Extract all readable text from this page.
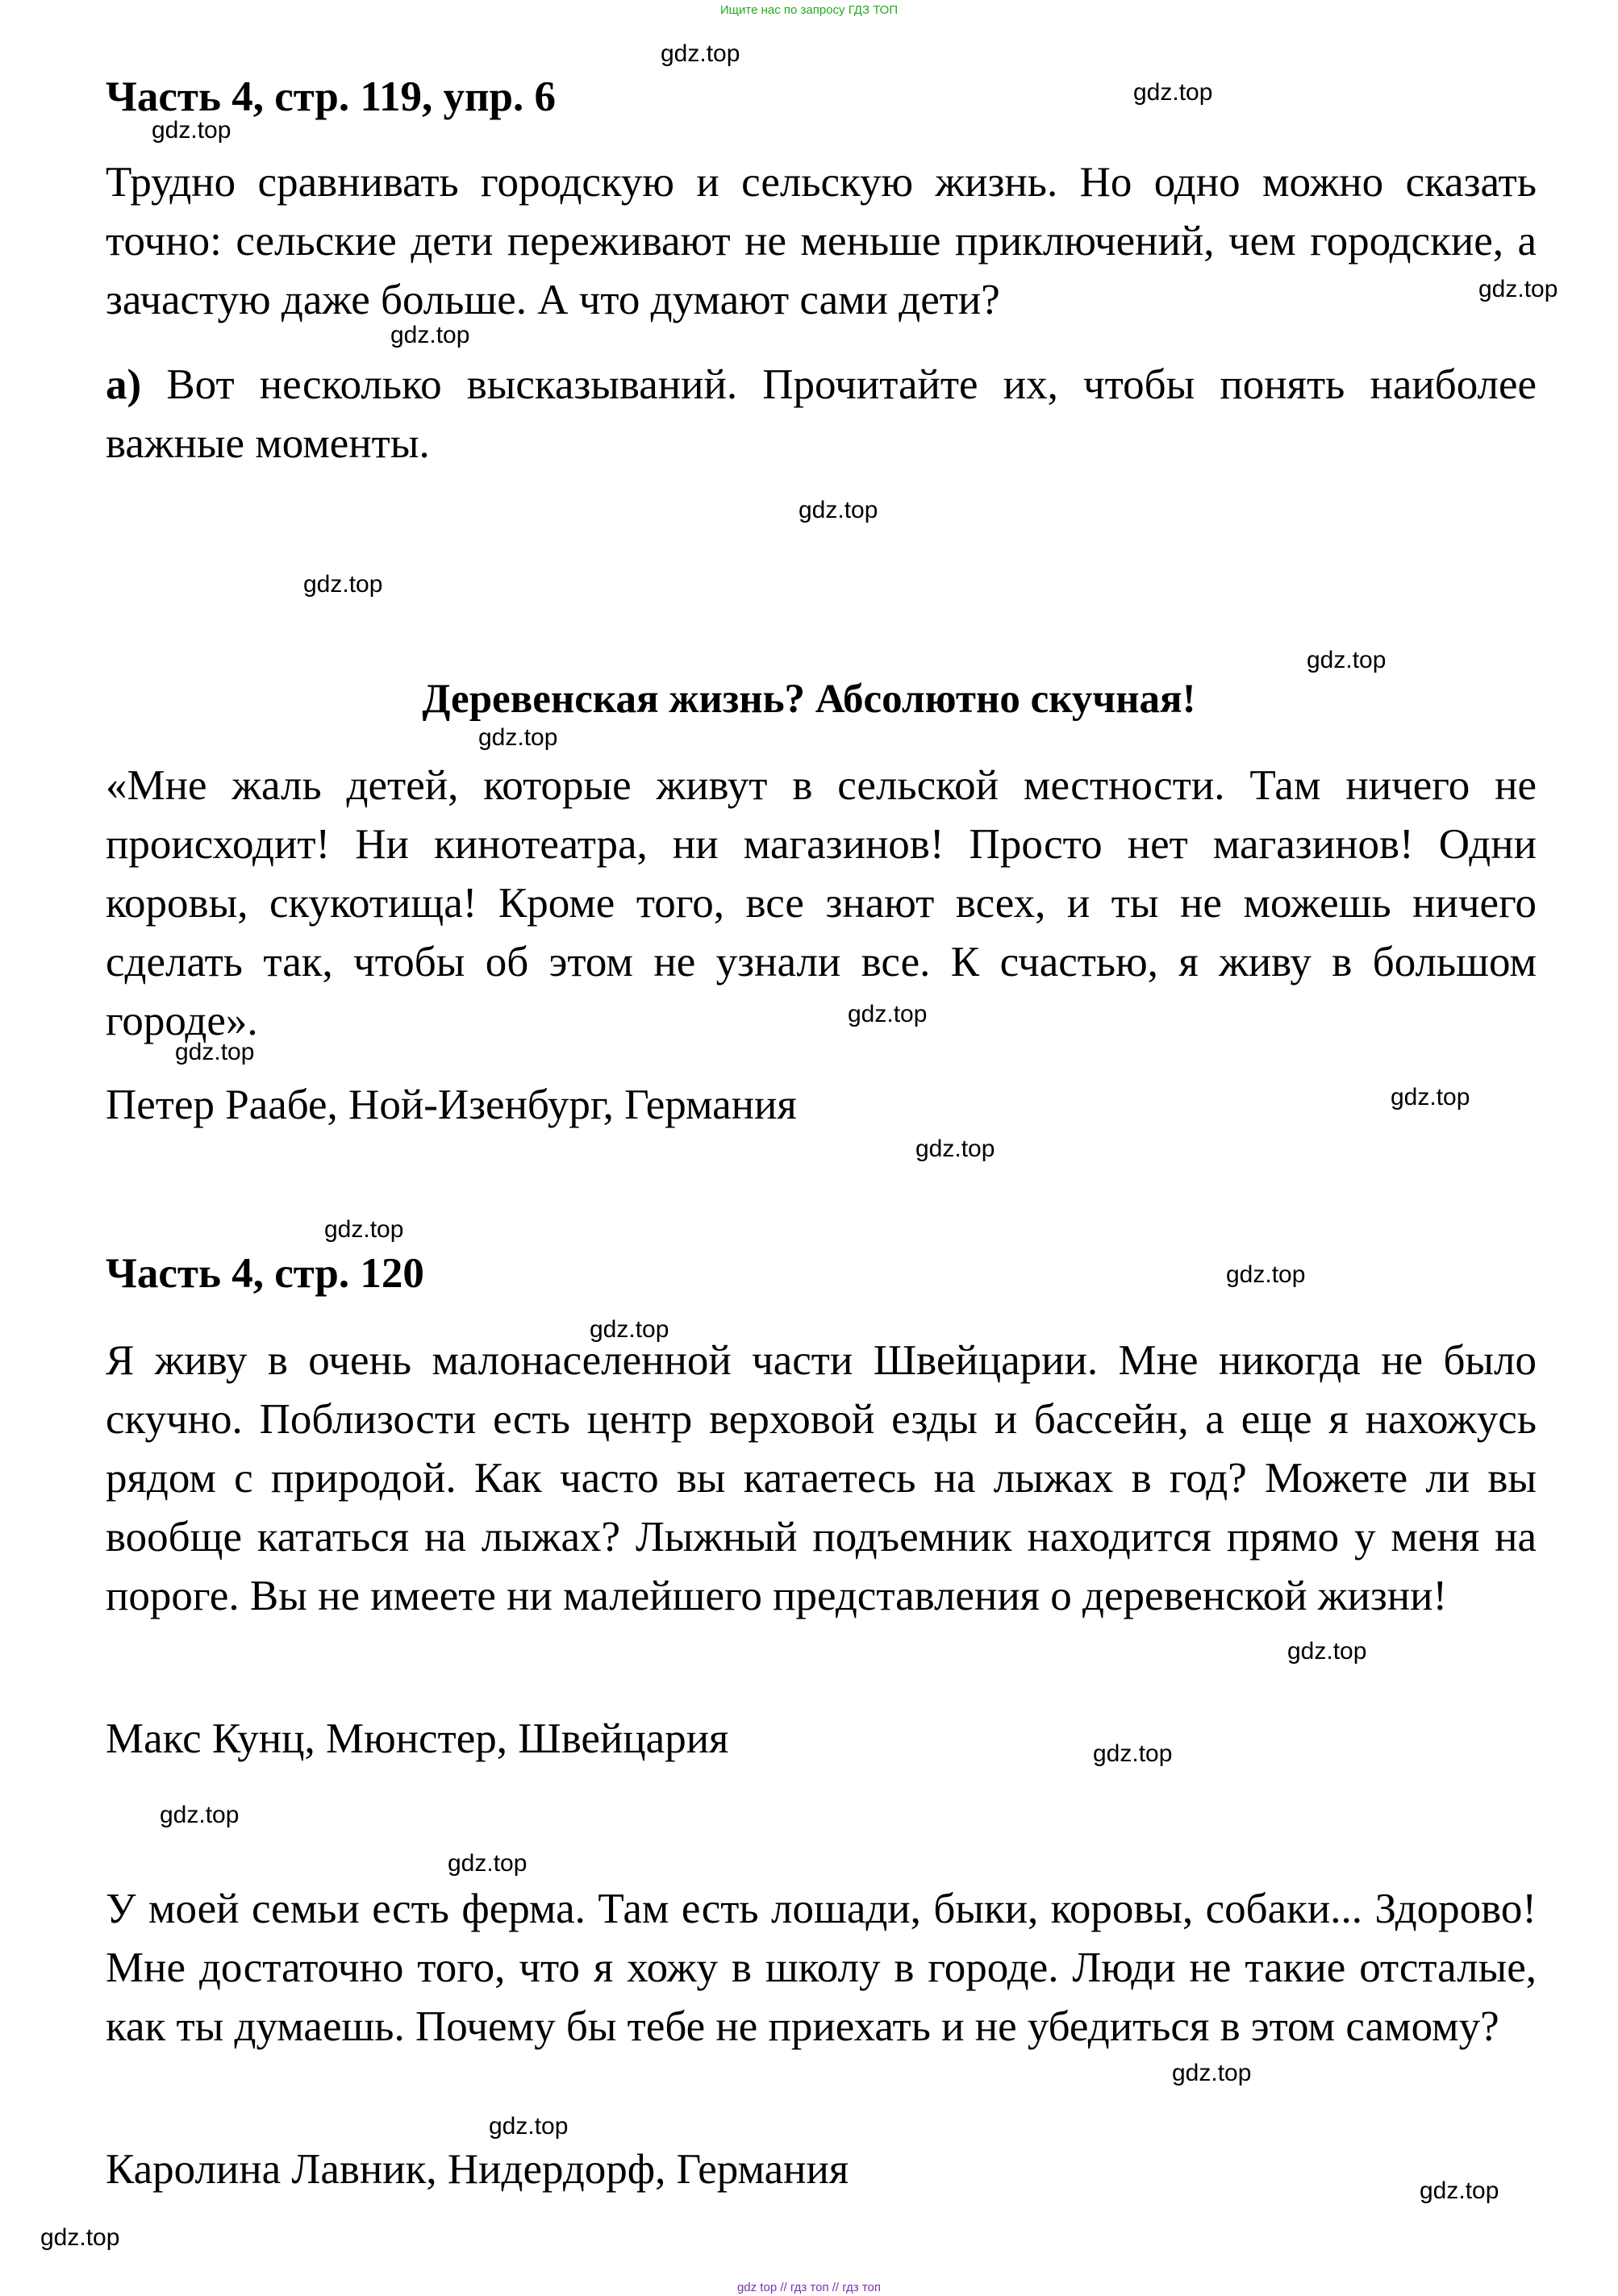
Ищите нас по запросу ГДЗ ТОП
Часть 4, стр. 119, упр. 6
Трудно сравнивать городскую и сельскую жизнь. Но одно можно сказать точно: сельские дети переживают не меньше приключений, чем городские, а зачастую даже больше. А что думают сами дети?
а) Вот несколько высказываний. Прочитайте их, чтобы понять наиболее важные моменты.
Деревенская жизнь? Абсолютно скучная!
«Мне жаль детей, которые живут в сельской местности. Там ничего не происходит! Ни кинотеатра, ни магазинов! Просто нет магазинов! Одни коровы, скукотища! Кроме того, все знают всех, и ты не можешь ничего сделать так, чтобы об этом не узнали все. К счастью, я живу в большом городе».
Петер Раабе, Ной-Изенбург, Германия
Часть 4, стр. 120
Я живу в очень малонаселенной части Швейцарии. Мне никогда не было скучно. Поблизости есть центр верховой езды и бассейн, а еще я нахожусь рядом с природой. Как часто вы катаетесь на лыжах в год? Можете ли вы вообще кататься на лыжах? Лыжный подъемник находится прямо у меня на пороге. Вы не имеете ни малейшего представления о деревенской жизни!
Макс Кунц, Мюнстер, Швейцария
У моей семьи есть ферма. Там есть лошади, быки, коровы, собаки... Здорово! Мне достаточно того, что я хожу в школу в городе. Люди не такие отсталые, как ты думаешь. Почему бы тебе не приехать и не убедиться в этом самому?
Каролина Лавник, Нидердорф, Германия
gdz.top
gdz.top
gdz.top
gdz.top
gdz.top
gdz.top
gdz.top
gdz.top
gdz.top
gdz.top
gdz.top
gdz.top
gdz.top
gdz.top
gdz.top
gdz.top
gdz.top
gdz.top
gdz.top
gdz.top
gdz.top
gdz.top
gdz.top
gdz.top
gdz top // гдз топ // гдз топ
